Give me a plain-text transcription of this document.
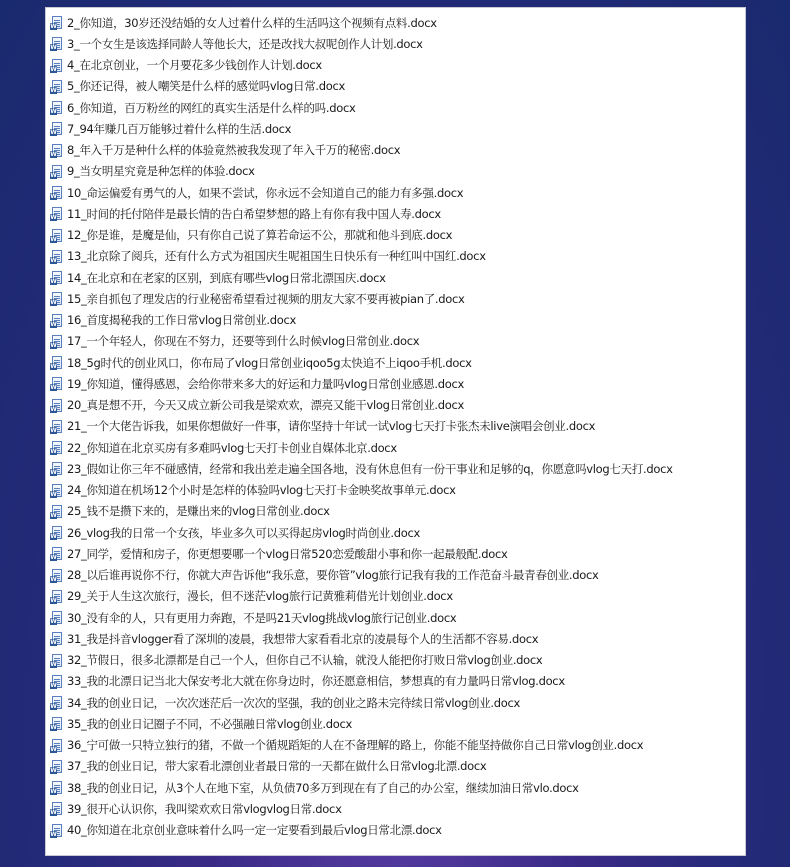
W
2_你知道，30岁还没结婚的女人过着什么样的生活吗这个视频有点料.docx
W
3_一个女生是该选择同龄人等他长大，还是改找大叔呢创作人计划.docx
W
4_在北京创业，一个月要花多少钱创作人计划.docx
W
5_你还记得，被人嘲笑是什么样的感觉吗vlog日常.docx
W
6_你知道，百万粉丝的网红的真实生活是什么样的吗.docx
W
7_94年赚几百万能够过着什么样的生活.docx
W
8_年入千万是种什么样的体验竟然被我发现了年入千万的秘密.docx
W
9_当女明星究竟是种怎样的体验.docx
W
10_命运偏爱有勇气的人，如果不尝试，你永远不会知道自己的能力有多强.docx
W
11_时间的托付陪伴是最长情的告白希望梦想的路上有你有我中国人寿.docx
W
12_你是谁，是魔是仙，只有你自己说了算若命运不公，那就和他斗到底.docx
W
13_北京除了阅兵，还有什么方式为祖国庆生呢祖国生日快乐有一种红叫中国红.docx
W
14_在北京和在老家的区别，到底有哪些vlog日常北漂国庆.docx
W
15_亲自抓包了理发店的行业秘密希望看过视频的朋友大家不要再被pian了.docx
W
16_首度揭秘我的工作日常vlog日常创业.docx
W
17_一个年轻人，你现在不努力，还要等到什么时候vlog日常创业.docx
W
18_5g时代的创业风口，你布局了vlog日常创业iqoo5g太快追不上iqoo手机.docx
W
19_你知道，懂得感恩，会给你带来多大的好运和力量吗vlog日常创业感恩.docx
W
20_真是想不开，今天又成立新公司我是梁欢欢，漂亮又能干vlog日常创业.docx
W
21_一个大佬告诉我，如果你想做好一件事，请你坚持十年试一试vlog七天打卡张杰未live演唱会创业.docx
W
22_你知道在北京买房有多难吗vlog七天打卡创业自媒体北京.docx
W
23_假如让你三年不碰感情，经常和我出差走遍全国各地，没有休息但有一份干事业和足够的q，你愿意吗vlog七天打.docx
W
24_你知道在机场12个小时是怎样的体验吗vlog七天打卡金映奖故事单元.docx
W
25_钱不是攒下来的，是赚出来的vlog日常创业.docx
W
26_vlog我的日常一个女孩，毕业多久可以买得起房vlog时尚创业.docx
W
27_同学，爱情和房子，你更想要哪一个vlog日常520恋爱酸甜小事和你一起最般配.docx
W
28_以后谁再说你不行，你就大声告诉他“我乐意，要你管”vlog旅行记我有我的工作范奋斗最青春创业.docx
W
29_关于人生这次旅行，漫长，但不迷茫vlog旅行记黄雅莉借光计划创业.docx
W
30_没有伞的人，只有更用力奔跑，不是吗21天vlog挑战vlog旅行记创业.docx
W
31_我是抖音vlogger看了深圳的凌晨，我想带大家看看北京的凌晨每个人的生活都不容易.docx
W
32_节假日，很多北漂都是自己一个人，但你自己不认输，就没人能把你打败日常vlog创业.docx
W
33_我的北漂日记当北大保安考北大就在你身边时，你还愿意相信，梦想真的有力量吗日常vlog.docx
W
34_我的创业日记，一次次迷茫后一次次的坚强，我的创业之路未完待续日常vlog创业.docx
W
35_我的创业日记圈子不同，不必强融日常vlog创业.docx
W
36_宁可做一只特立独行的猪，不做一个循规蹈矩的人在不备理解的路上，你能不能坚持做你自己日常vlog创业.docx
W
37_我的创业日记，带大家看北漂创业者最日常的一天都在做什么日常vlog北漂.docx
W
38_我的创业日记，从3个人在地下室，从负债70多万到现在有了自己的办公室，继续加油日常vlo.docx
W
39_很开心认识你，我叫梁欢欢日常vlogvlog日常.docx
W
40_你知道在北京创业意味着什么吗一定一定要看到最后vlog日常北漂.docx
